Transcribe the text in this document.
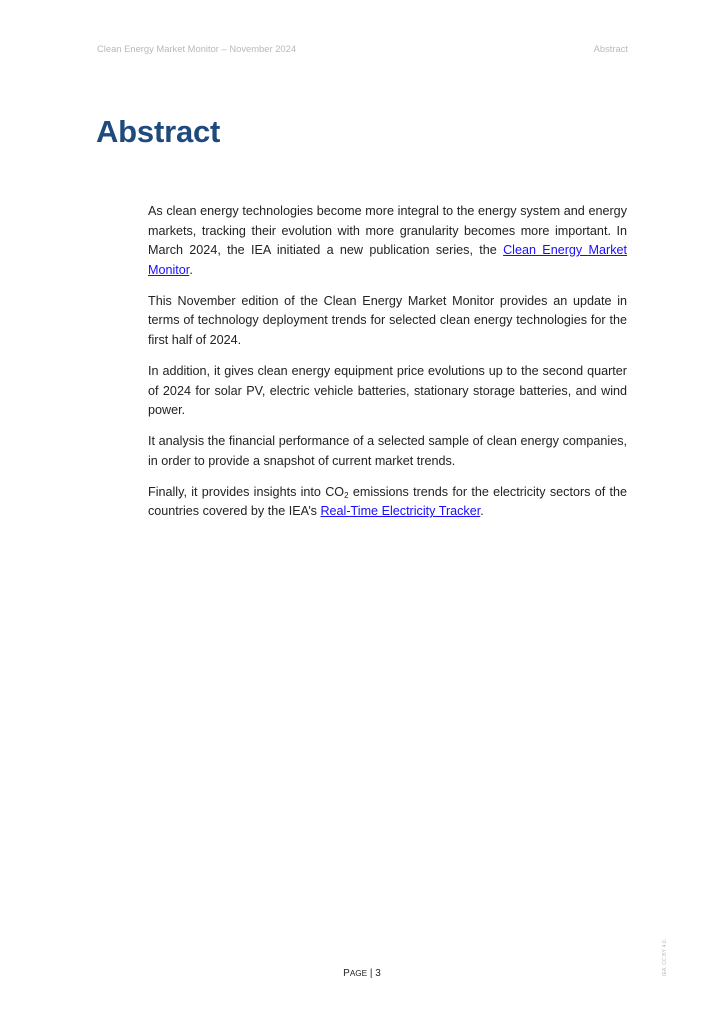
Clean Energy Market Monitor – November 2024	Abstract
Abstract

As clean energy technologies become more integral to the energy system and energy markets, tracking their evolution with more granularity becomes more important. In March 2024, the IEA initiated a new publication series, the Clean Energy Market Monitor.

This November edition of the Clean Energy Market Monitor provides an update in terms of technology deployment trends for selected clean energy technologies for the first half of 2024.

In addition, it gives clean energy equipment price evolutions up to the second quarter of 2024 for solar PV, electric vehicle batteries, stationary storage batteries, and wind power.

It analysis the financial performance of a selected sample of clean energy companies, in order to provide a snapshot of current market trends.

Finally, it provides insights into $CO_2$ emissions trends for the electricity sectors of the countries covered by the IEA’s Real-Time Electricity Tracker.

PAGE | 3	IEA. CC BY 4.0.
